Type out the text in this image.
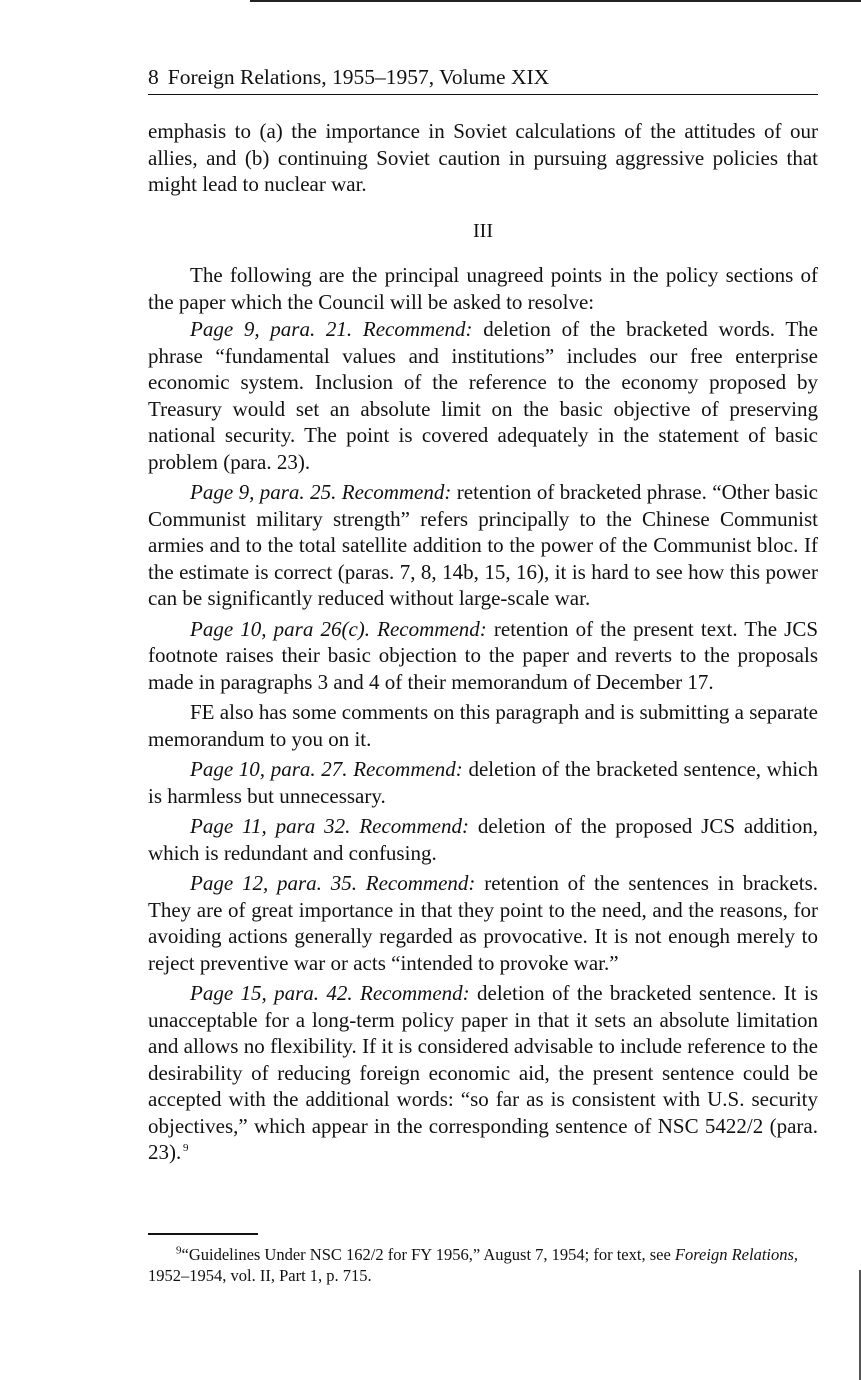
8 Foreign Relations, 1955–1957, Volume XIX

emphasis to (a) the importance in Soviet calculations of the attitudes of our allies, and (b) continuing Soviet caution in pursuing aggressive policies that might lead to nuclear war.

III

The following are the principal unagreed points in the policy sections of the paper which the Council will be asked to resolve:

Page 9, para. 21. Recommend: deletion of the bracketed words. The phrase “fundamental values and institutions” includes our free enterprise economic system. Inclusion of the reference to the economy proposed by Treasury would set an absolute limit on the basic objective of preserving national security. The point is covered adequately in the statement of basic problem (para. 23).

Page 9, para. 25. Recommend: retention of bracketed phrase. “Other basic Communist military strength” refers principally to the Chinese Communist armies and to the total satellite addition to the power of the Communist bloc. If the estimate is correct (paras. 7, 8, 14b, 15, 16), it is hard to see how this power can be significantly reduced without large-scale war.

Page 10, para 26(c). Recommend: retention of the present text. The JCS footnote raises their basic objection to the paper and reverts to the proposals made in paragraphs 3 and 4 of their memorandum of December 17.

FE also has some comments on this paragraph and is submitting a separate memorandum to you on it.

Page 10, para. 27. Recommend: deletion of the bracketed sentence, which is harmless but unnecessary.

Page 11, para 32. Recommend: deletion of the proposed JCS addition, which is redundant and confusing.

Page 12, para. 35. Recommend: retention of the sentences in brackets. They are of great importance in that they point to the need, and the reasons, for avoiding actions generally regarded as provocative. It is not enough merely to reject preventive war or acts “intended to provoke war.”

Page 15, para. 42. Recommend: deletion of the bracketed sentence. It is unacceptable for a long-term policy paper in that it sets an absolute limitation and allows no flexibility. If it is considered advisable to include reference to the desirability of reducing foreign economic aid, the present sentence could be accepted with the additional words: “so far as is consistent with U.S. security objectives,” which appear in the corresponding sentence of NSC 5422/2 (para. 23).  $^9$

$^9$“Guidelines Under NSC 162/2 for FY 1956,” August 7, 1954; for text, see Foreign Relations, 1952–1954, vol. II, Part 1, p. 715.
